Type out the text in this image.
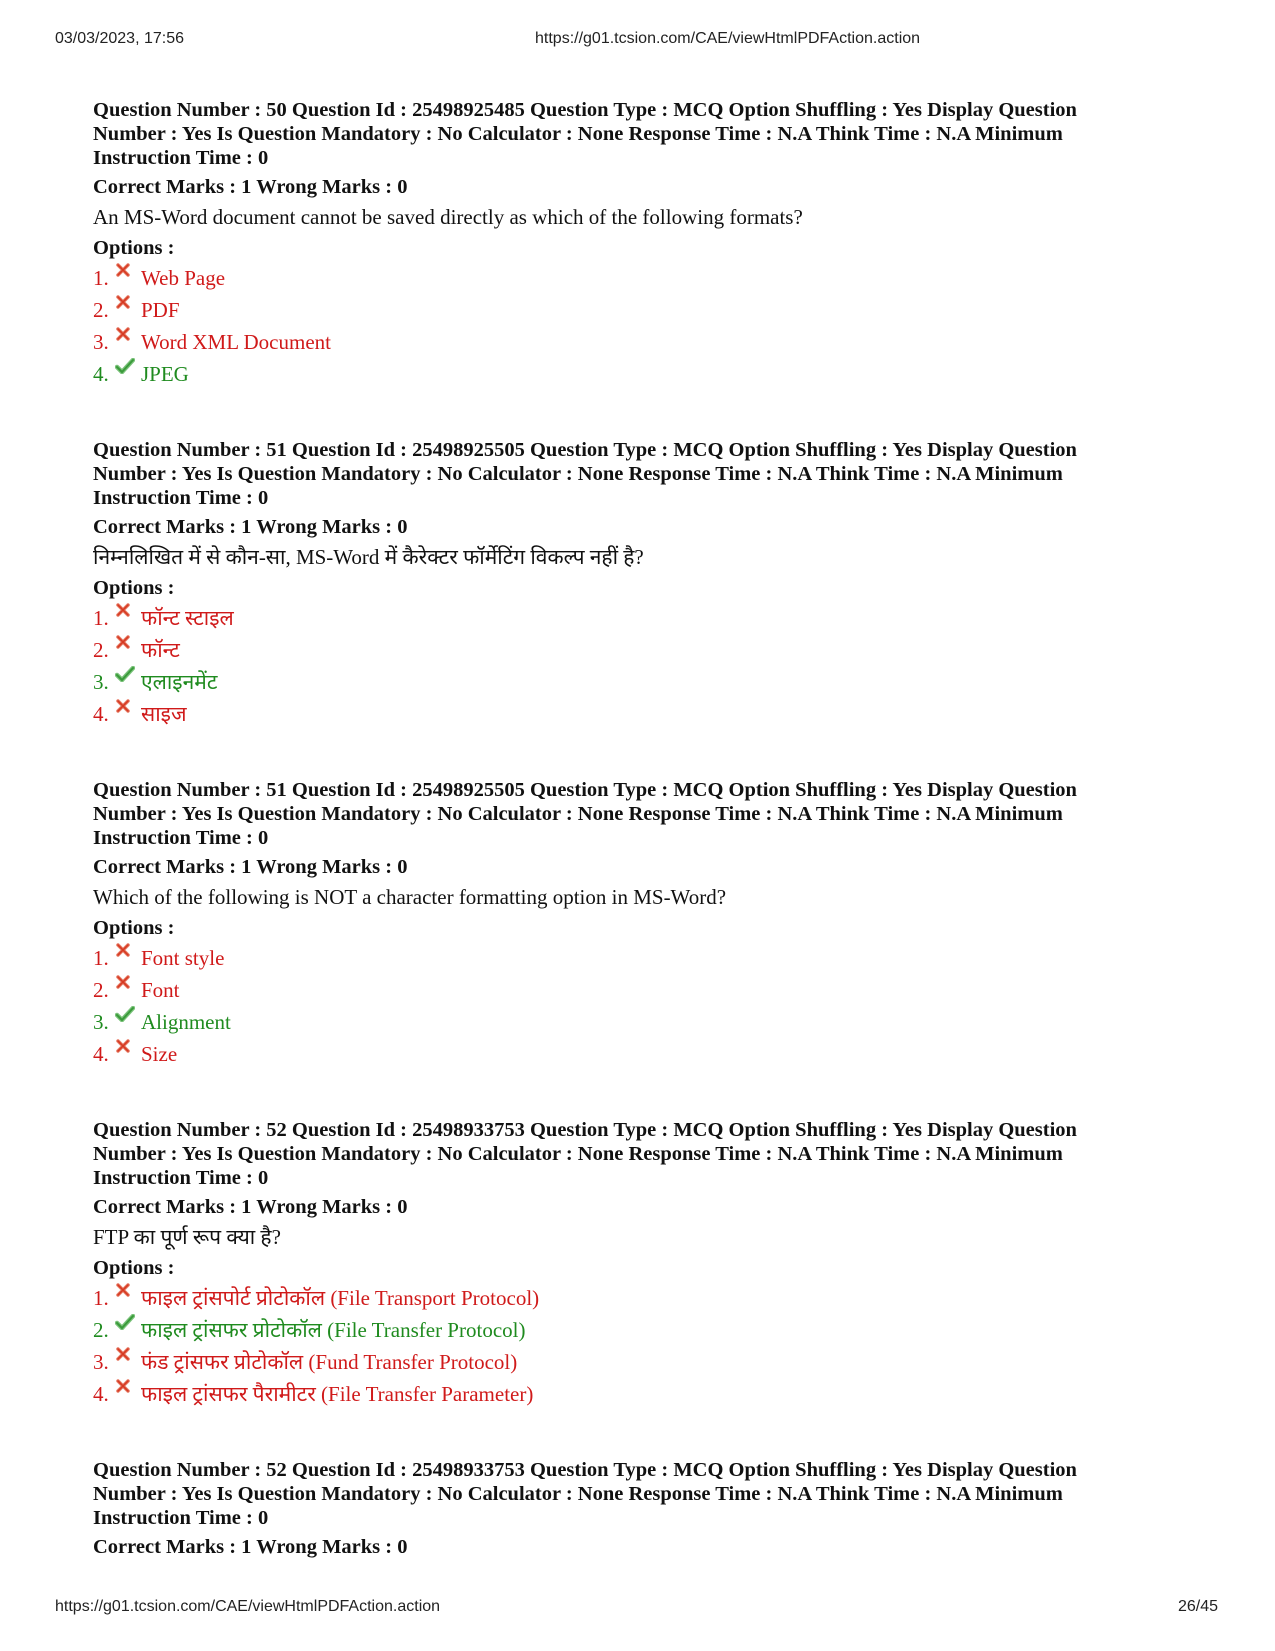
03/03/2023, 17:56	https://g01.tcsion.com/CAE/viewHtmlPDFAction.action
Question Number : 50 Question Id : 25498925485 Question Type : MCQ Option Shuffling : Yes Display Question Number : Yes Is Question Mandatory : No Calculator : None Response Time : N.A Think Time : N.A Minimum Instruction Time : 0
Correct Marks : 1 Wrong Marks : 0
An MS-Word document cannot be saved directly as which of the following formats?
Options :
1. Web Page
2. PDF
3. Word XML Document
4. JPEG
Question Number : 51 Question Id : 25498925505 Question Type : MCQ Option Shuffling : Yes Display Question Number : Yes Is Question Mandatory : No Calculator : None Response Time : N.A Think Time : N.A Minimum Instruction Time : 0
Correct Marks : 1 Wrong Marks : 0
निम्नलिखित में से कौन-सा, MS-Word में कैरेक्टर फॉर्मेटिंग विकल्प नहीं है?
Options :
1. फॉन्ट स्टाइल
2. फॉन्ट
3. एलाइनमेंट
4. साइज
Question Number : 51 Question Id : 25498925505 Question Type : MCQ Option Shuffling : Yes Display Question Number : Yes Is Question Mandatory : No Calculator : None Response Time : N.A Think Time : N.A Minimum Instruction Time : 0
Correct Marks : 1 Wrong Marks : 0
Which of the following is NOT a character formatting option in MS-Word?
Options :
1. Font style
2. Font
3. Alignment
4. Size
Question Number : 52 Question Id : 25498933753 Question Type : MCQ Option Shuffling : Yes Display Question Number : Yes Is Question Mandatory : No Calculator : None Response Time : N.A Think Time : N.A Minimum Instruction Time : 0
Correct Marks : 1 Wrong Marks : 0
FTP का पूर्ण रूप क्या है?
Options :
1. फाइल ट्रांसपोर्ट प्रोटोकॉल (File Transport Protocol)
2. फाइल ट्रांसफर प्रोटोकॉल (File Transfer Protocol)
3. फंड ट्रांसफर प्रोटोकॉल (Fund Transfer Protocol)
4. फाइल ट्रांसफर पैरामीटर (File Transfer Parameter)
Question Number : 52 Question Id : 25498933753 Question Type : MCQ Option Shuffling : Yes Display Question Number : Yes Is Question Mandatory : No Calculator : None Response Time : N.A Think Time : N.A Minimum Instruction Time : 0
Correct Marks : 1 Wrong Marks : 0
https://g01.tcsion.com/CAE/viewHtmlPDFAction.action	26/45
